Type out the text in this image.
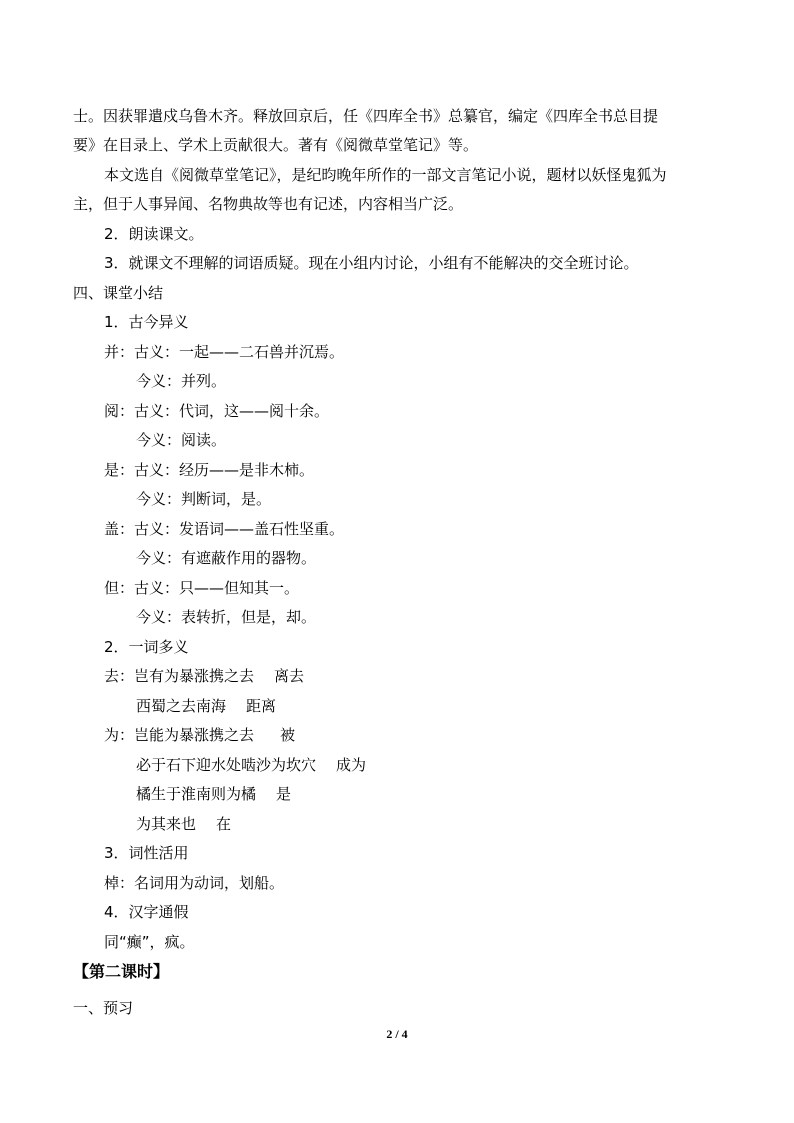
士。因获罪遣戍乌鲁木齐。释放回京后，任《四库全书》总纂官，编定《四库全书总目提
要》在目录上、学术上贡献很大。著有《阅微草堂笔记》等。
本文选自《阅微草堂笔记》，是纪昀晚年所作的一部文言笔记小说，题材以妖怪鬼狐为
主，但于人事异闻、名物典故等也有记述，内容相当广泛。
2．朗读课文。
3．就课文不理解的词语质疑。现在小组内讨论，小组有不能解决的交全班讨论。
四、课堂小结
1．古今异义
并：古义：一起——二石兽并沉焉。
今义：并列。
阅：古义：代词，这——阅十余。
今义：阅读。
是：古义：经历——是非木柿。
今义：判断词，是。
盖：古义：发语词——盖石性坚重。
今义：有遮蔽作用的器物。
但：古义：只——但知其一。
今义：表转折，但是，却。
2．一词多义
去：岂有为暴涨携之去 离去
西蜀之去南海 距离
为：岂能为暴涨携之去 被
必于石下迎水处啮沙为坎穴 成为
橘生于淮南则为橘 是
为其来也 在
3．词性活用
棹：名词用为动词，划船。
4．汉字通假
同“癫”，疯。
【第二课时】
一、预习
2 / 4
